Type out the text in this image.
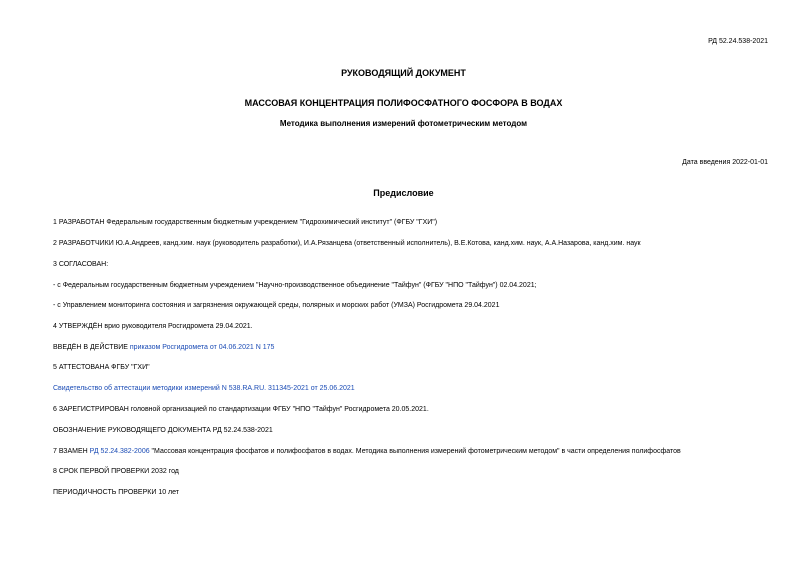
РД 52.24.538-2021
РУКОВОДЯЩИЙ ДОКУМЕНТ
МАССОВАЯ КОНЦЕНТРАЦИЯ ПОЛИФОСФАТНОГО ФОСФОРА В ВОДАХ
Методика выполнения измерений фотометрическим методом
Дата введения 2022-01-01
Предисловие
1 РАЗРАБОТАН Федеральным государственным бюджетным учреждением "Гидрохимический институт" (ФГБУ "ГХИ")
2 РАЗРАБОТЧИКИ Ю.А.Андреев, канд.хим. наук (руководитель разработки), И.А.Рязанцева (ответственный исполнитель), В.Е.Котова, канд.хим. наук, А.А.Назарова, канд.хим. наук
3 СОГЛАСОВАН:
- с Федеральным государственным бюджетным учреждением "Научно-производственное объединение "Тайфун" (ФГБУ "НПО "Тайфун") 02.04.2021;
- с Управлением мониторинга состояния и загрязнения окружающей среды, полярных и морских работ (УМЗА) Росгидромета 29.04.2021
4 УТВЕРЖДЁН врио руководителя Росгидромета 29.04.2021.
ВВЕДЁН В ДЕЙСТВИЕ приказом Росгидромета от 04.06.2021 N 175
5 АТТЕСТОВАНА ФГБУ "ГХИ"
Свидетельство об аттестации методики измерений N 538.RA.RU. 311345-2021 от 25.06.2021
6 ЗАРЕГИСТРИРОВАН головной организацией по стандартизации ФГБУ "НПО "Тайфун" Росгидромета 20.05.2021.
ОБОЗНАЧЕНИЕ РУКОВОДЯЩЕГО ДОКУМЕНТА РД 52.24.538-2021
7 ВЗАМЕН РД 52.24.382-2006 "Массовая концентрация фосфатов и полифосфатов в водах. Методика выполнения измерений фотометрическим методом" в части определения полифосфатов
8 СРОК ПЕРВОЙ ПРОВЕРКИ 2032 год
ПЕРИОДИЧНОСТЬ ПРОВЕРКИ 10 лет
